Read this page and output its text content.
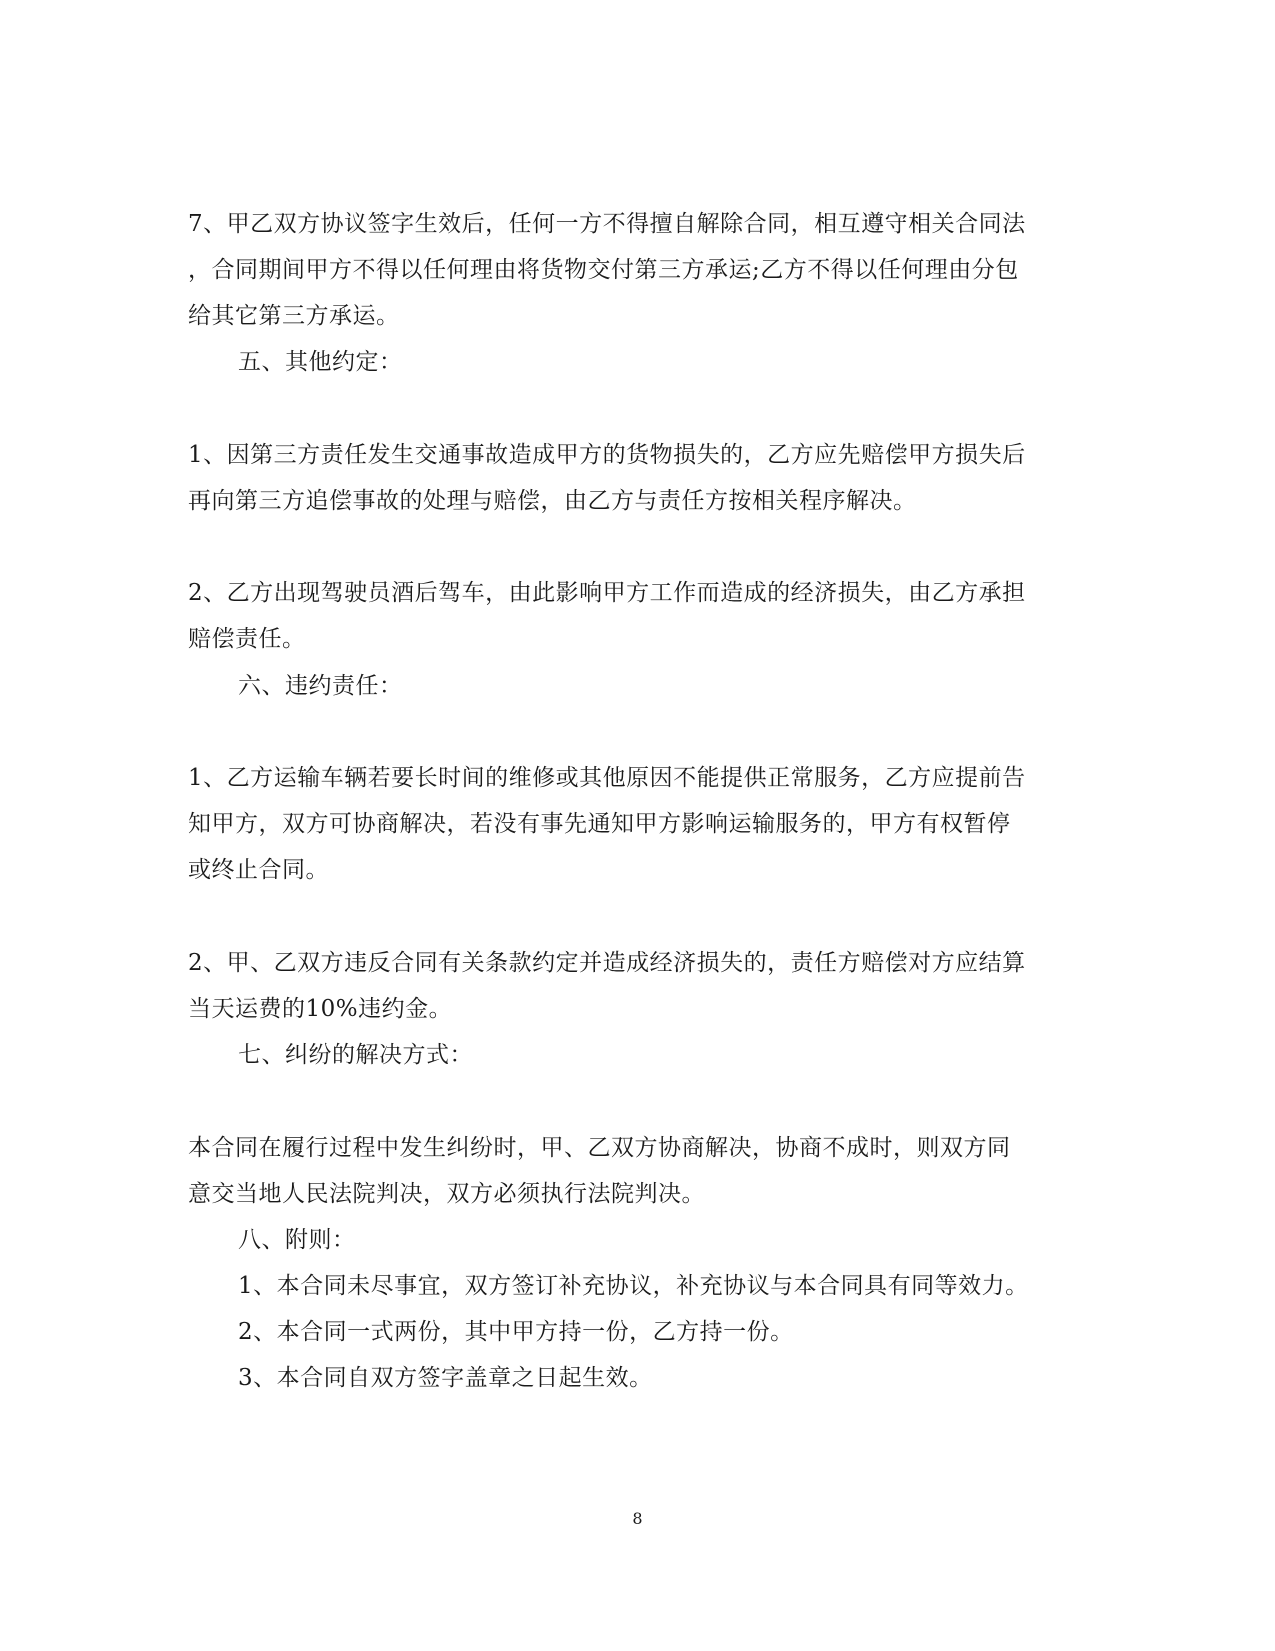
7、甲乙双方协议签字生效后，任何一方不得擅自解除合同，相互遵守相关合同法
，合同期间甲方不得以任何理由将货物交付第三方承运;乙方不得以任何理由分包
给其它第三方承运。
五、其他约定：
1、因第三方责任发生交通事故造成甲方的货物损失的，乙方应先赔偿甲方损失后
再向第三方追偿事故的处理与赔偿，由乙方与责任方按相关程序解决。
2、乙方出现驾驶员酒后驾车，由此影响甲方工作而造成的经济损失，由乙方承担
赔偿责任。
六、违约责任：
1、乙方运输车辆若要长时间的维修或其他原因不能提供正常服务，乙方应提前告
知甲方，双方可协商解决，若没有事先通知甲方影响运输服务的，甲方有权暂停
或终止合同。
2、甲、乙双方违反合同有关条款约定并造成经济损失的，责任方赔偿对方应结算
当天运费的10%违约金。
七、纠纷的解决方式：
本合同在履行过程中发生纠纷时，甲、乙双方协商解决，协商不成时，则双方同
意交当地人民法院判决，双方必须执行法院判决。
八、附则：
1、本合同未尽事宜，双方签订补充协议，补充协议与本合同具有同等效力。
2、本合同一式两份，其中甲方持一份，乙方持一份。
3、本合同自双方签字盖章之日起生效。
8
